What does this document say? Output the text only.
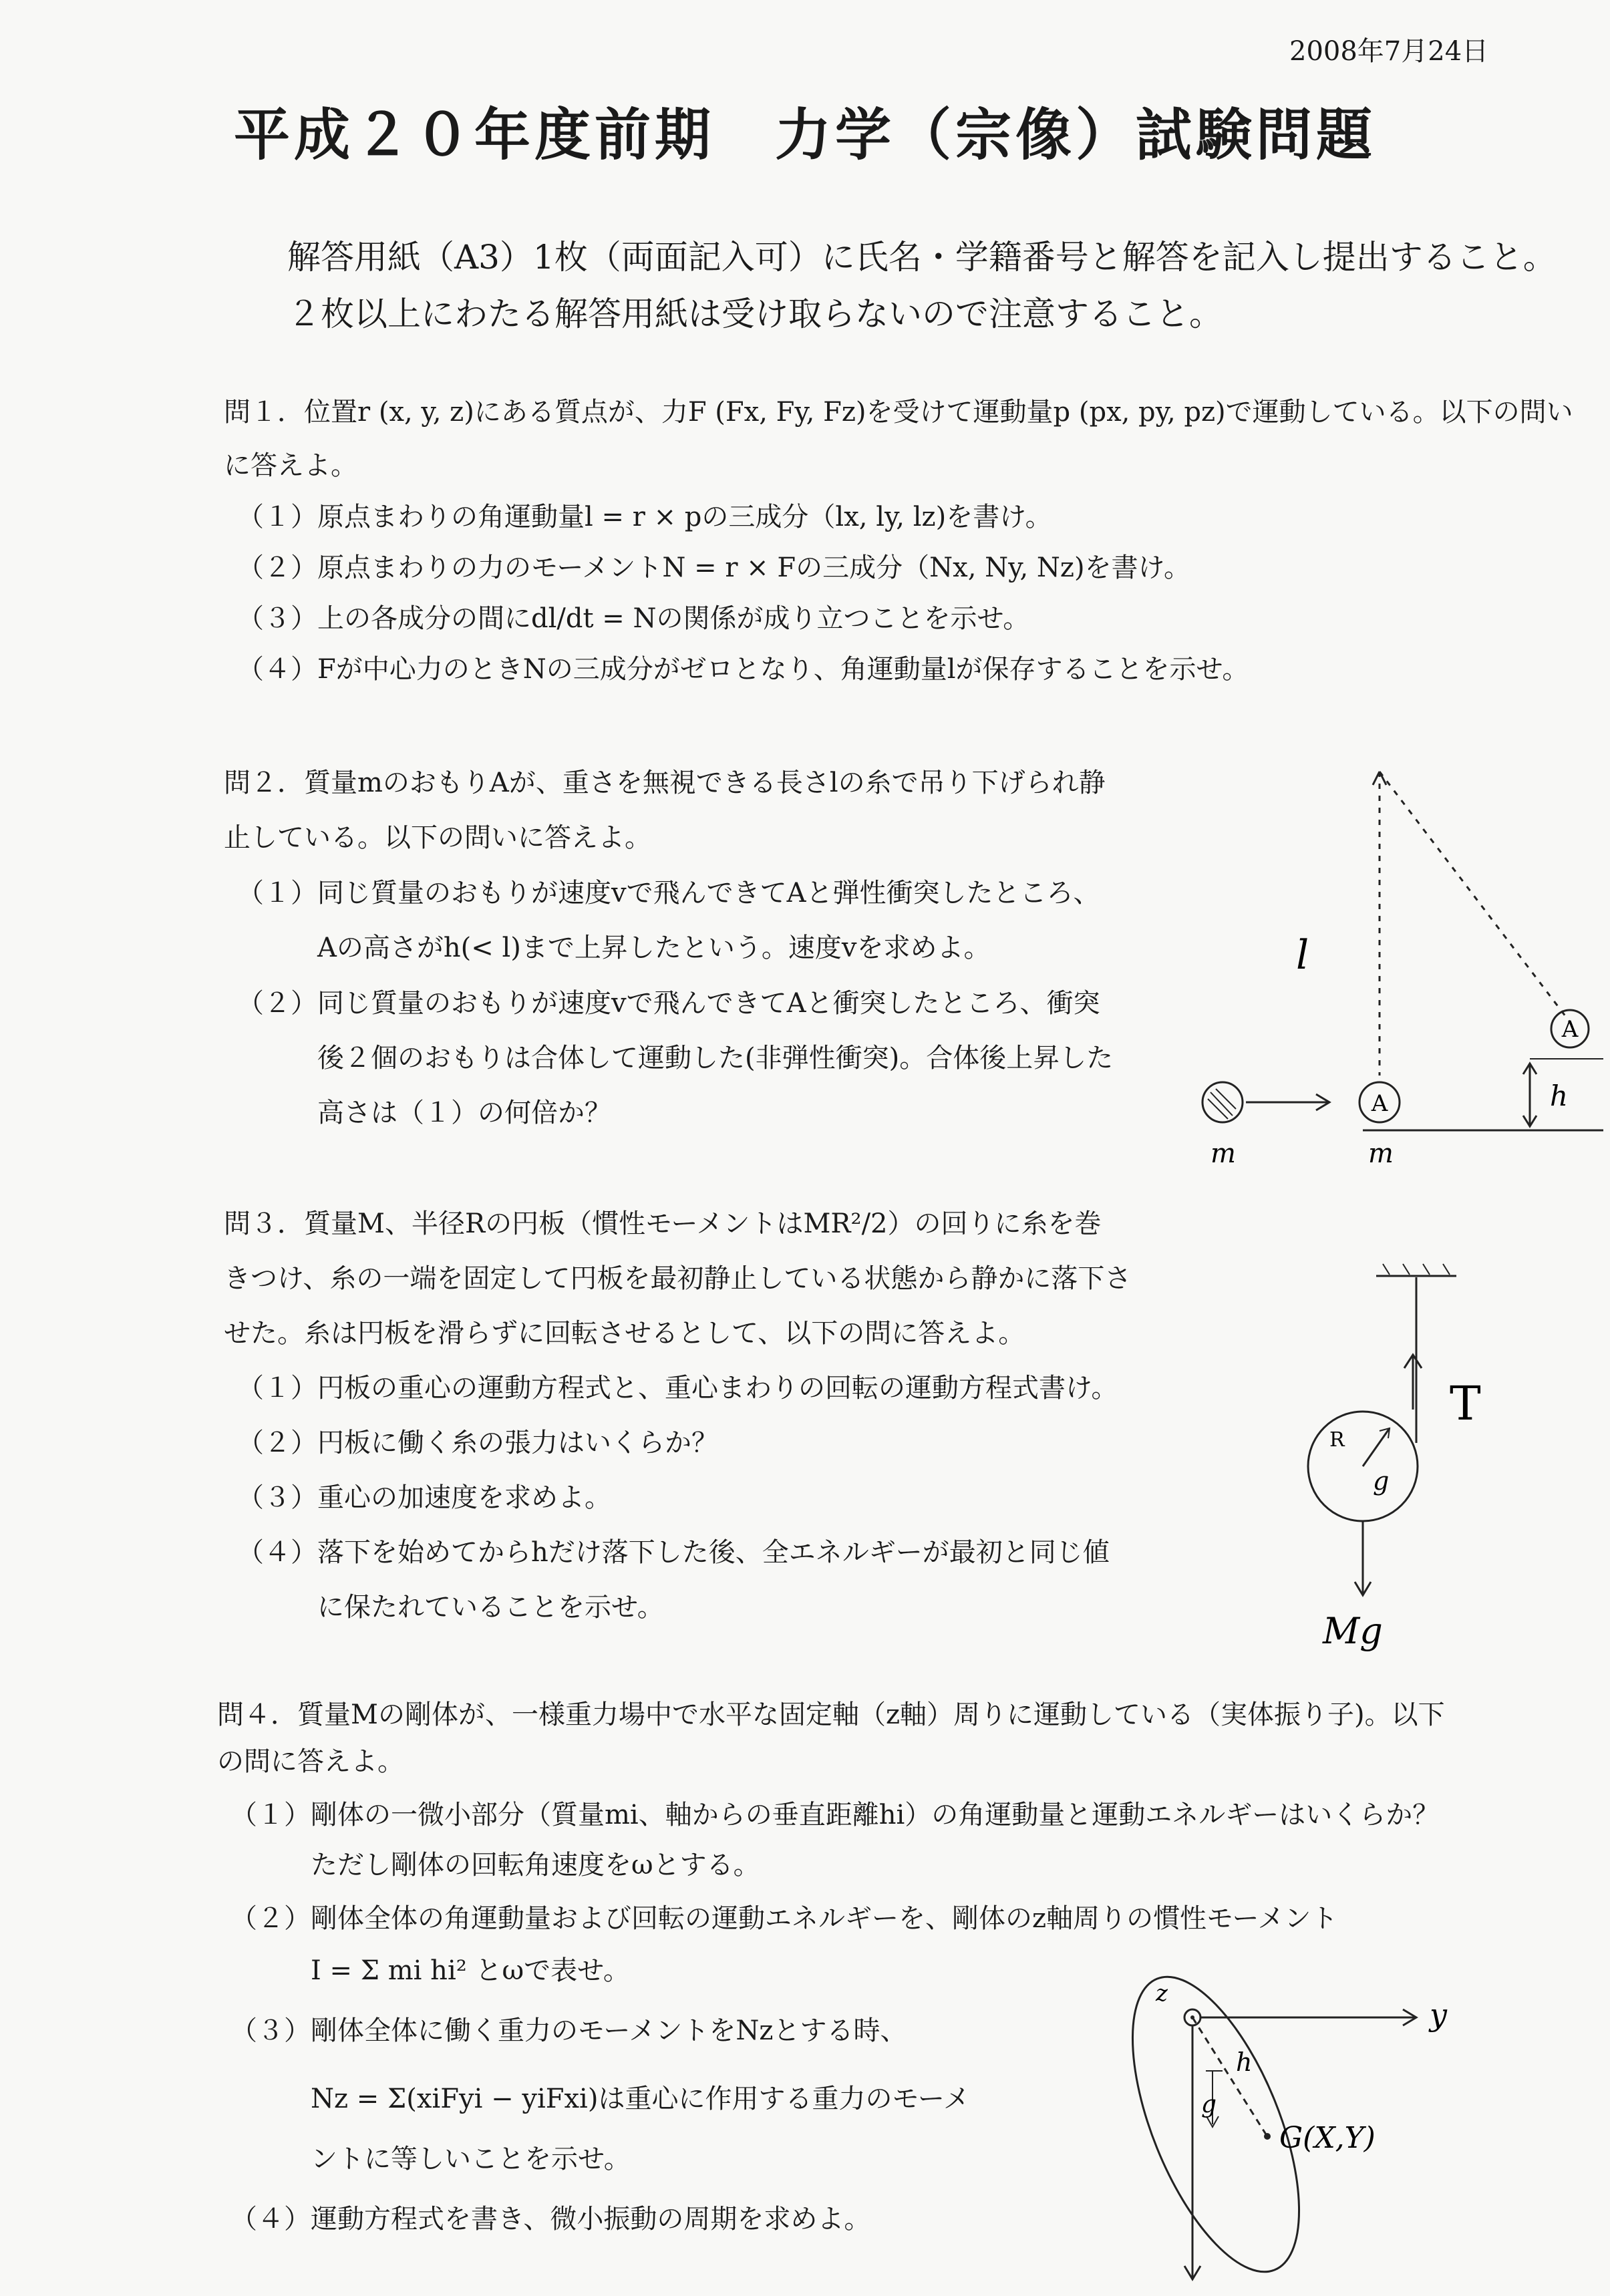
2008年7月24日
平成２０年度前期　力学（宗像）試験問題
解答用紙（A3）1枚（両面記入可）に氏名・学籍番号と解答を記入し提出すること。
２枚以上にわたる解答用紙は受け取らないので注意すること。
問１．位置r (x, y, z)にある質点が、力F (Fx, Fy, Fz)を受けて運動量p (px, py, pz)で運動している。以下の問い
に答えよ。
（１）原点まわりの角運動量l = r × pの三成分（lx, ly, lz)を書け。
（２）原点まわりの力のモーメントN = r × Fの三成分（Nx, Ny, Nz)を書け。
（３）上の各成分の間にdl/dt = Nの関係が成り立つことを示せ。
（４）Fが中心力のときNの三成分がゼロとなり、角運動量lが保存することを示せ。
問２．質量mのおもりAが、重さを無視できる長さlの糸で吊り下げられ静
止している。以下の問いに答えよ。
（１）同じ質量のおもりが速度vで飛んできてAと弾性衝突したところ、
Aの高さがh(< l)まで上昇したという。速度vを求めよ。
（２）同じ質量のおもりが速度vで飛んできてAと衝突したところ、衝突
後２個のおもりは合体して運動した(非弾性衝突)。合体後上昇した
高さは（１）の何倍か？
A
A	h
l
m	m
問３．質量M、半径Rの円板（慣性モーメントはMR²/2）の回りに糸を巻
きつけ、糸の一端を固定して円板を最初静止している状態から静かに落下さ
せた。糸は円板を滑らずに回転させるとして、以下の問に答えよ。
（１）円板の重心の運動方程式と、重心まわりの回転の運動方程式書け。
（２）円板に働く糸の張力はいくらか？
（３）重心の加速度を求めよ。
（４）落下を始めてからhだけ落下した後、全エネルギーが最初と同じ値
に保たれていることを示せ。
T
R
g
Mg
問４．質量Mの剛体が、一様重力場中で水平な固定軸（z軸）周りに運動している（実体振り子)。以下
の問に答えよ。
（１）剛体の一微小部分（質量mi、軸からの垂直距離hi）の角運動量と運動エネルギーはいくらか？
ただし剛体の回転角速度をωとする。
（２）剛体全体の角運動量および回転の運動エネルギーを、剛体のz軸周りの慣性モーメント
I = Σ mi hi² とωで表せ。
（３）剛体全体に働く重力のモーメントをNzとする時、
Nz = Σ(xiFyi − yiFxi)は重心に作用する重力のモーメ
ントに等しいことを示せ。
（４）運動方程式を書き、微小振動の周期を求めよ。
z
y
h
g
G(X,Y)
